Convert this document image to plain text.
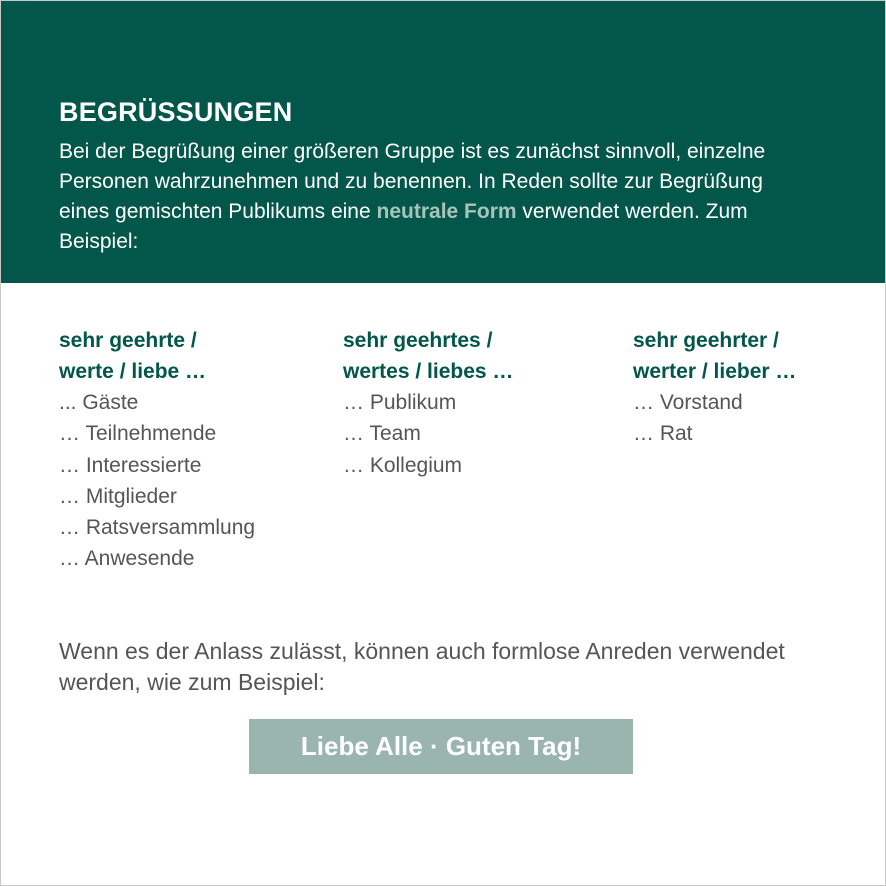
BEGRÜSSUNGEN
Bei der Begrüßung einer größeren Gruppe ist es zunächst sinnvoll, einzelne Personen wahrzunehmen und zu benennen. In Reden sollte zur Begrüßung eines gemischten Publikums eine neutrale Form verwendet werden. Zum Beispiel:
sehr geehrte /
werte / liebe …
... Gäste
… Teilnehmende
… Interessierte
… Mitglieder
… Ratsversammlung
… Anwesende
sehr geehrtes /
wertes / liebes …
… Publikum
… Team
… Kollegium
sehr geehrter /
werter / lieber …
… Vorstand
… Rat
Wenn es der Anlass zulässt, können auch formlose Anreden verwendet werden, wie zum Beispiel:
Liebe Alle · Guten Tag!
